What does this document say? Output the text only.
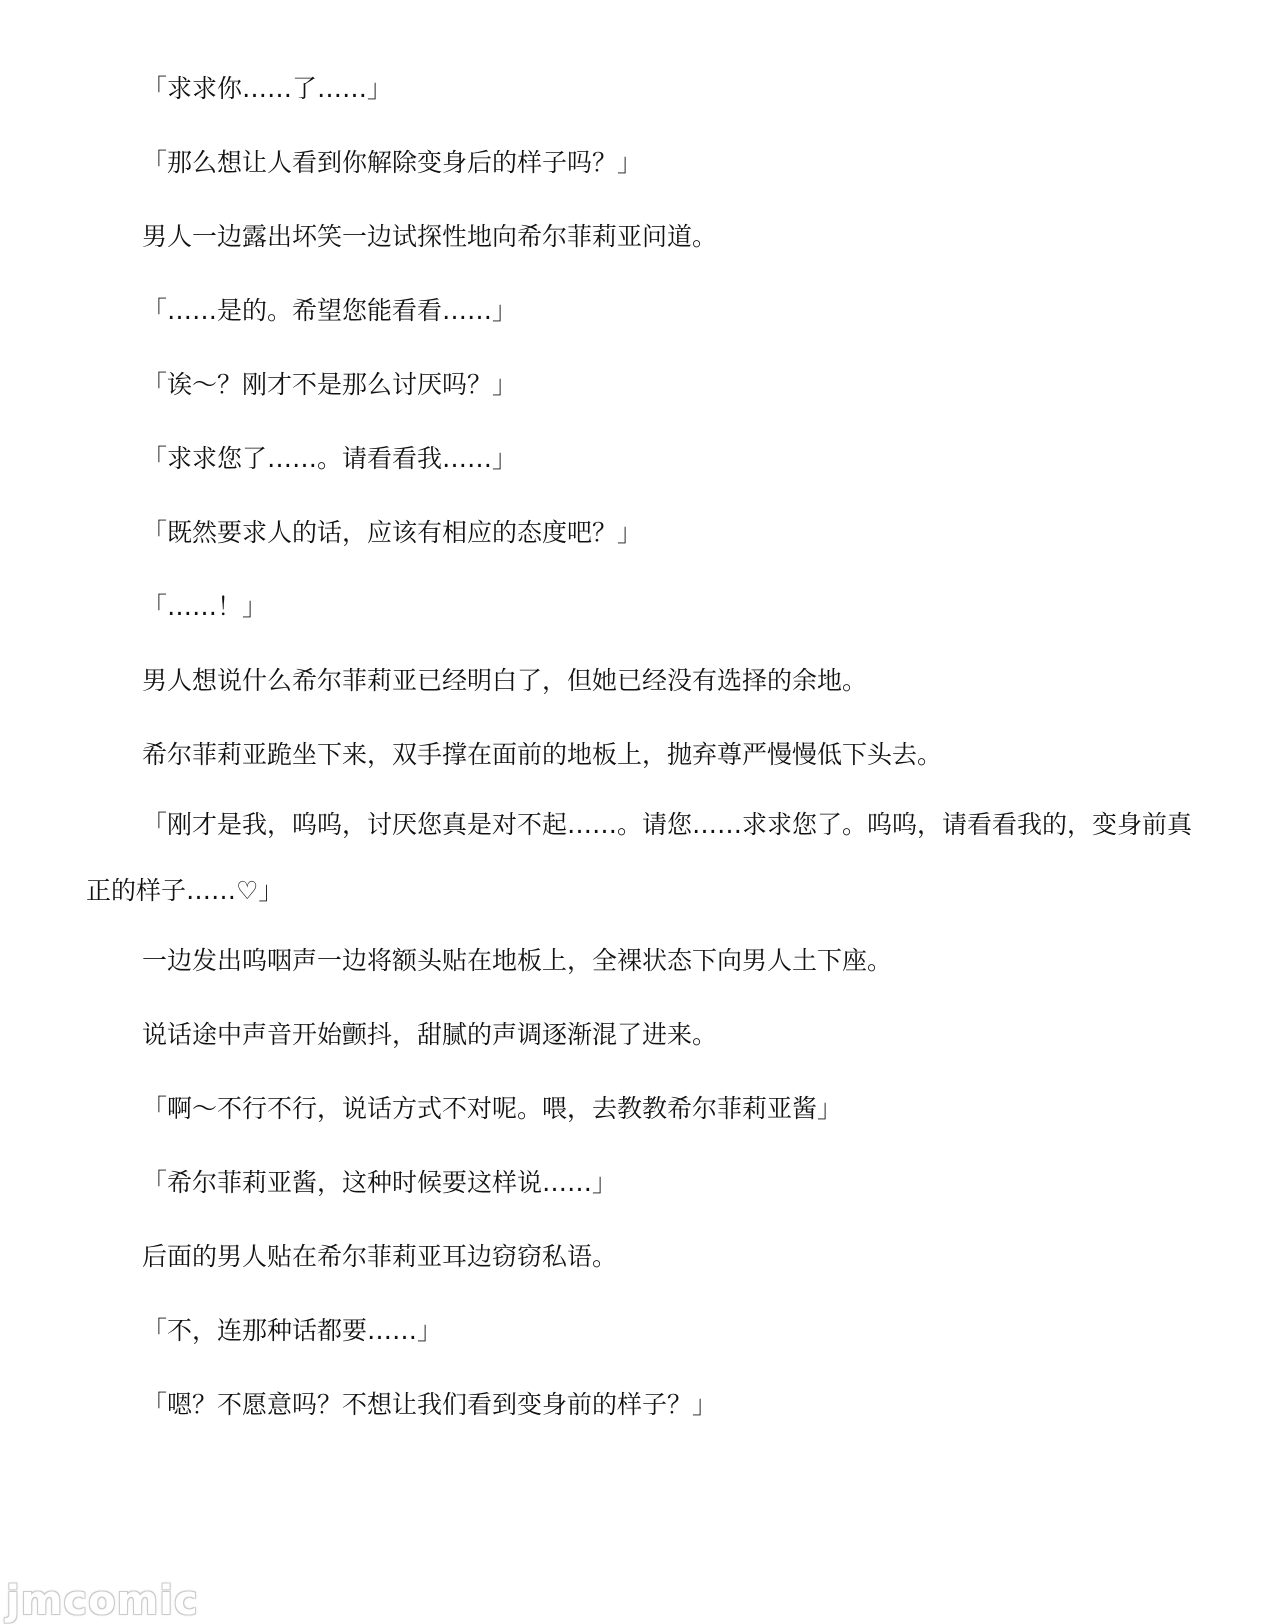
「求求你……了……」

「那么想让人看到你解除变身后的样子吗？」

男人一边露出坏笑一边试探性地向希尔菲莉亚问道。

「……是的。希望您能看看……」

「诶～？刚才不是那么讨厌吗？」

「求求您了……。请看看我……」

「既然要求人的话，应该有相应的态度吧？」

「……！」

男人想说什么希尔菲莉亚已经明白了，但她已经没有选择的余地。

希尔菲莉亚跪坐下来，双手撑在面前的地板上，抛弃尊严慢慢低下头去。

「刚才是我，呜呜，讨厌您真是对不起……。请您……求求您了。呜呜，请看看我的，变身前真正的样子……♡」

一边发出呜咽声一边将额头贴在地板上，全裸状态下向男人土下座。

说话途中声音开始颤抖，甜腻的声调逐渐混了进来。

「啊～不行不行，说话方式不对呢。喂，去教教希尔菲莉亚酱」

「希尔菲莉亚酱，这种时候要这样说……」

后面的男人贴在希尔菲莉亚耳边窃窃私语。

「不，连那种话都要……」

「嗯？不愿意吗？不想让我们看到变身前的样子？」

jmcomic
